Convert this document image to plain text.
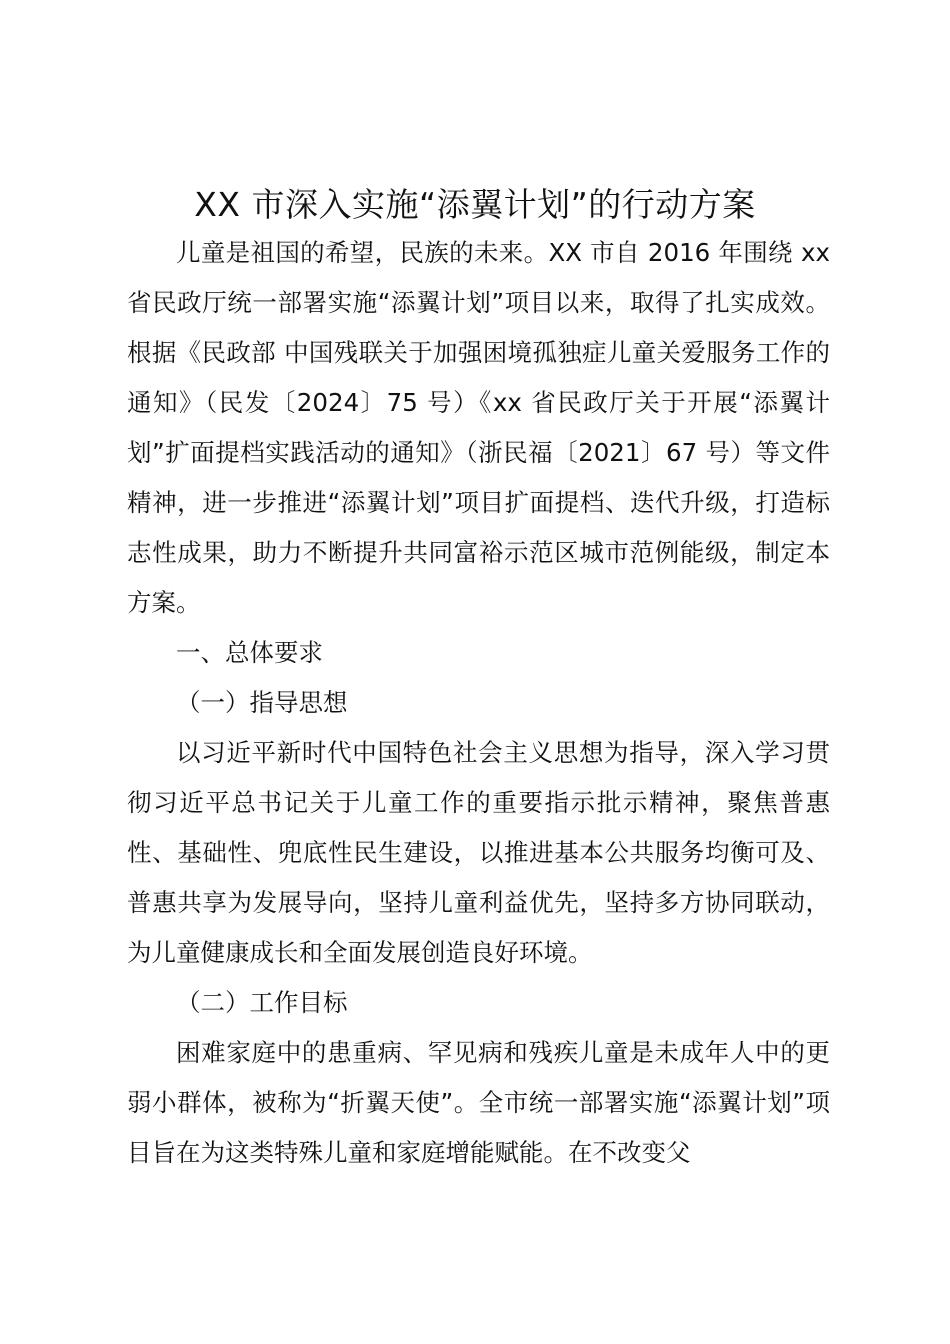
XX 市深入实施“添翼计划”的行动方案

儿童是祖国的希望，民族的未来。XX 市自 2016 年围绕 xx 省民政厅统一部署实施“添翼计划”项目以来，取得了扎实成效。根据《民政部 中国残联关于加强困境孤独症儿童关爱服务工作的通知》（民发〔2024〕75 号）《xx 省民政厅关于开展“添翼计划”扩面提档实践活动的通知》（浙民福〔2021〕67 号）等文件精神，进一步推进“添翼计划”项目扩面提档、迭代升级，打造标志性成果，助力不断提升共同富裕示范区城市范例能级，制定本方案。

一、总体要求

（一）指导思想

以习近平新时代中国特色社会主义思想为指导，深入学习贯彻习近平总书记关于儿童工作的重要指示批示精神，聚焦普惠性、基础性、兜底性民生建设，以推进基本公共服务均衡可及、普惠共享为发展导向，坚持儿童利益优先，坚持多方协同联动，为儿童健康成长和全面发展创造良好环境。

（二）工作目标

困难家庭中的患重病、罕见病和残疾儿童是未成年人中的更弱小群体，被称为“折翼天使”。全市统一部署实施“添翼计划”项目旨在为这类特殊儿童和家庭增能赋能。在不改变父
